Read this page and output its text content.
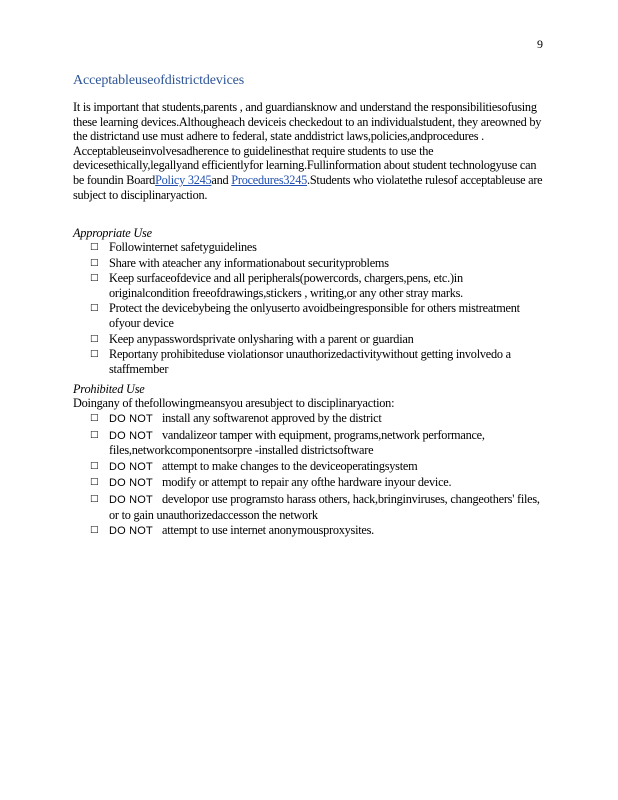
9
Acceptableuseofdistrictdevices
It is important that students,parents , and guardiansknow and understand the responsibilitiesofusing these learning devices.Althougheach deviceis checkedout to an individualstudent, they areowned by the districtand use must adhere to federal, state anddistrict laws,policies,andprocedures . Acceptableuseinvolvesadherence to guidelinesthat require students to use the devicesethically,legallyand efficientlyfor learning.Fullinformation about student technologyuse can be foundin BoardPolicy 3245and Procedures3245.Students who violatethe rulesof acceptableuse are subject to disciplinaryaction.
Appropriate Use
□ Followinternet safetyguidelines
□ Share with ateacher any informationabout securityproblems
□ Keep surfaceofdevice and all peripherals(powercords, chargers,pens, etc.)in originalcondition freeofdrawings,stickers , writing,or any other stray marks.
□ Protect the devicebybeing the onlyuserto avoidbeingresponsible for others mistreatment ofyour device
□ Keep anypasswordsprivate onlysharing with a parent or guardian
□ Reportany prohibiteduse violationsor unauthorizedactivitywithout getting involvedo a staffmember
Prohibited Use
Doingany of thefollowingmeansyou aresubject to disciplinaryaction:
□ DO NOT install any softwarenot approved by the district
□ DO NOT vandalizeor tamper with equipment, programs,network performance, files,networkcomponentsorpre -installed districtsoftware
□ DO NOT attempt to make changes to the deviceoperatingsystem
□ DO NOT modify or attempt to repair any ofthe hardware inyour device.
□ DO NOT developor use programsto harass others, hack,bringinviruses, changeothers' files, or to gain unauthorizedaccesson the network
□ DO NOT attempt to use internet anonymousproxysites.
